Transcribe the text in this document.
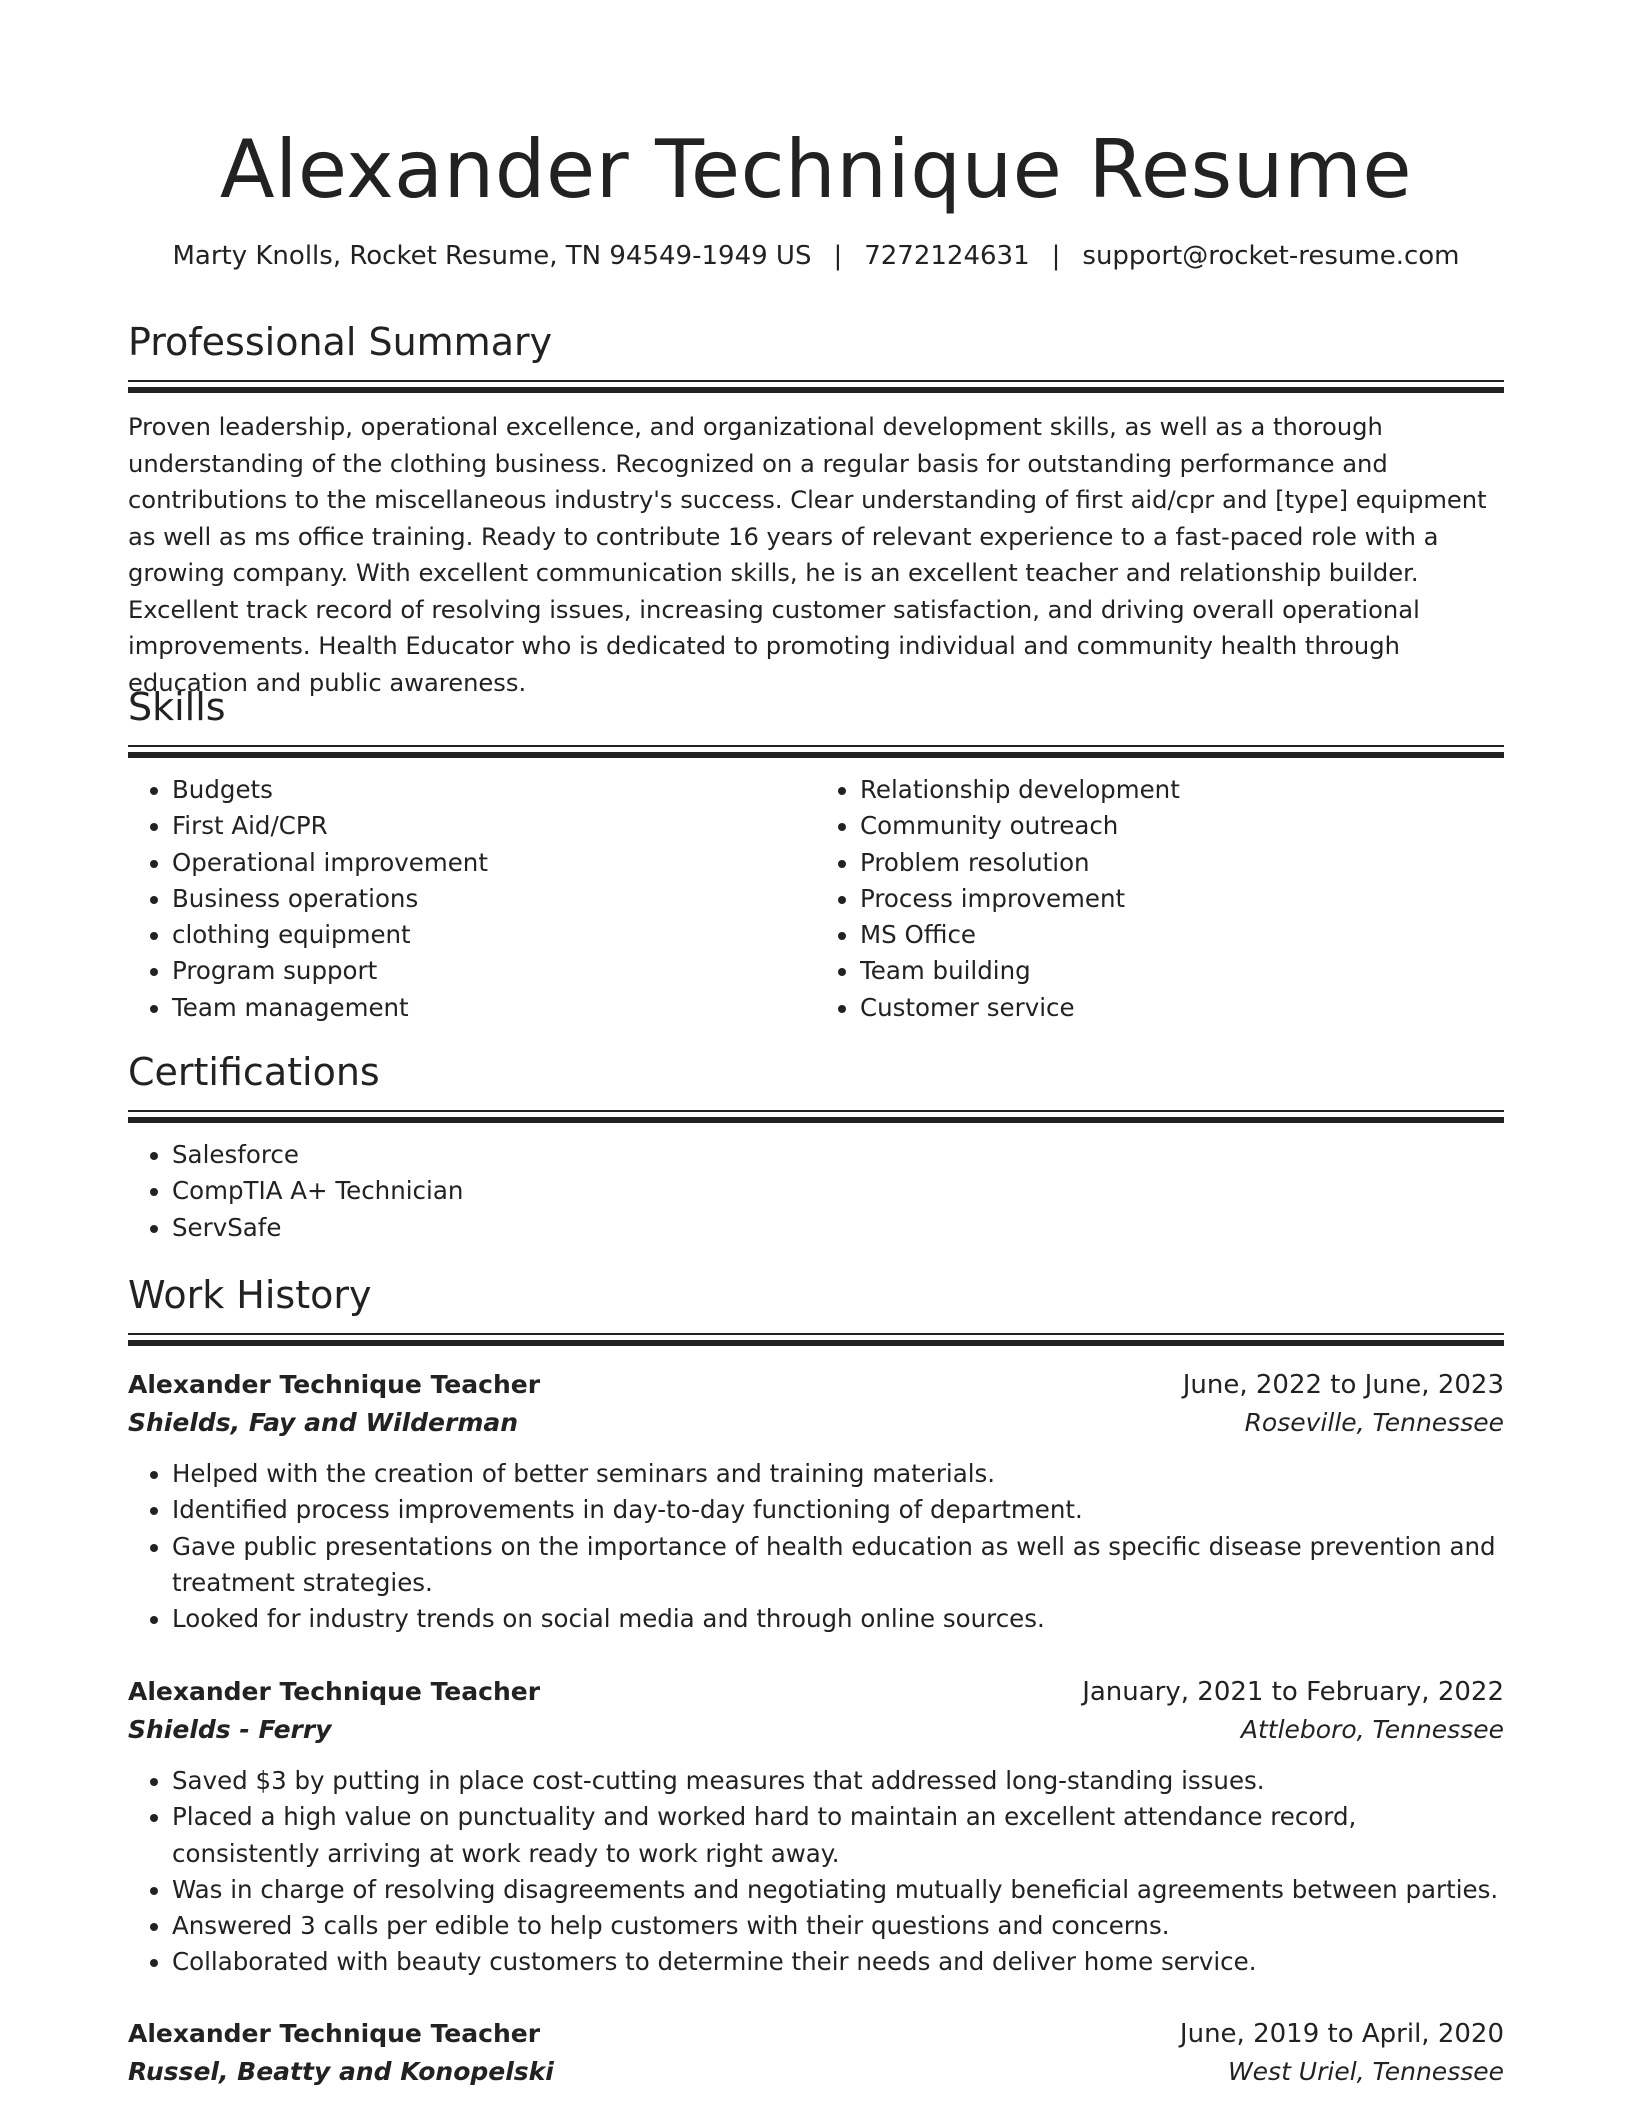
Alexander Technique Resume
Marty Knolls, Rocket Resume, TN 94549-1949 US | 7272124631 | support@rocket-resume.com
Professional Summary

Proven leadership, operational excellence, and organizational development skills, as well as a thorough understanding of the clothing business. Recognized on a regular basis for outstanding performance and contributions to the miscellaneous industry's success. Clear understanding of first aid/cpr and [type] equipment as well as ms office training. Ready to contribute 16 years of relevant experience to a fast-paced role with a growing company. With excellent communication skills, he is an excellent teacher and relationship builder. Excellent track record of resolving issues, increasing customer satisfaction, and driving overall operational improvements. Health Educator who is dedicated to promoting individual and community health through education and public awareness.

Skills
• Budgets
• First Aid/CPR
• Operational improvement
• Business operations
• clothing equipment
• Program support
• Team management
• Relationship development
• Community outreach
• Problem resolution
• Process improvement
• MS Office
• Team building
• Customer service
Certifications
• Salesforce
• CompTIA A+ Technician
• ServSafe
Work History
Alexander Technique Teacher	June, 2022 to June, 2023
Shields, Fay and Wilderman	Roseville, Tennessee
• Helped with the creation of better seminars and training materials.
• Identified process improvements in day-to-day functioning of department.
• Gave public presentations on the importance of health education as well as specific disease prevention and treatment strategies.
• Looked for industry trends on social media and through online sources.
Alexander Technique Teacher	January, 2021 to February, 2022
Shields - Ferry	Attleboro, Tennessee
• Saved $3 by putting in place cost-cutting measures that addressed long-standing issues.
• Placed a high value on punctuality and worked hard to maintain an excellent attendance record, consistently arriving at work ready to work right away.
• Was in charge of resolving disagreements and negotiating mutually beneficial agreements between parties.
• Answered 3 calls per edible to help customers with their questions and concerns.
• Collaborated with beauty customers to determine their needs and deliver home service.
Alexander Technique Teacher	June, 2019 to April, 2020
Russel, Beatty and Konopelski	West Uriel, Tennessee
